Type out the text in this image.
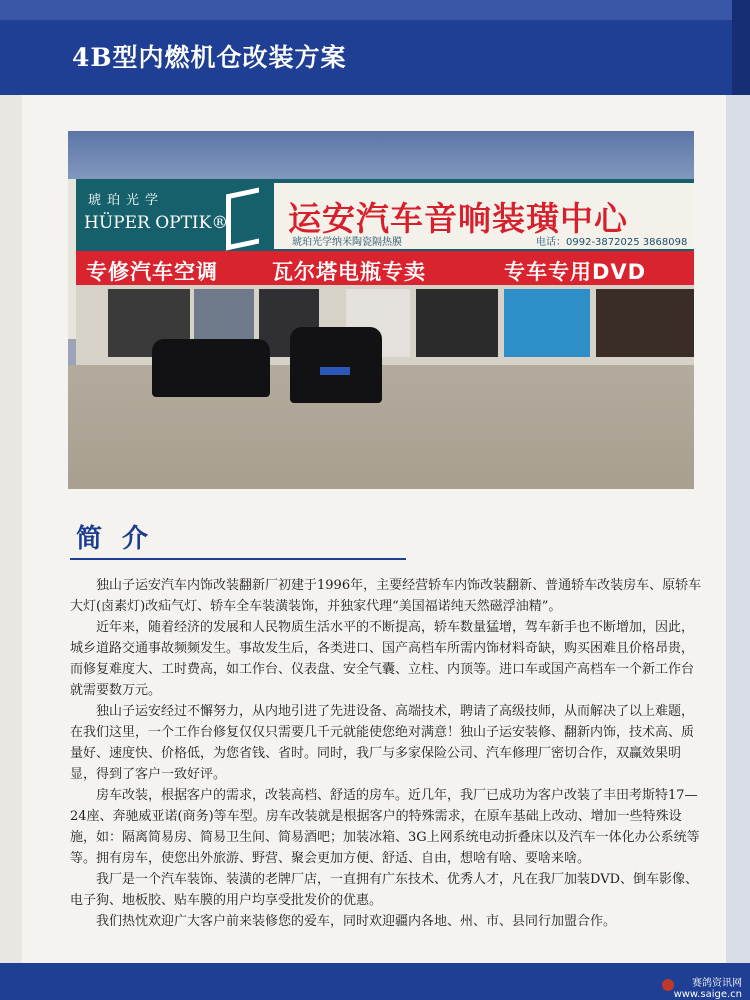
4B型内燃机仓改装方案
琥珀光学
HÜPER OPTIK® 运安汽车音响装璜中心
琥珀光学纳米陶瓷隔热膜	电话：0992-3872025 3868098
专修汽车空调	瓦尔塔电瓶专卖	专车专用DVD
简介

独山子运安汽车内饰改装翻新厂初建于1996年，主要经营轿车内饰改装翻新、普通轿车改装房车、原轿车大灯(卤素灯)改疝气灯、轿车全车装潢装饰，并独家代理“美国福诺纯天然磁浮油精”。

近年来，随着经济的发展和人民物质生活水平的不断提高，轿车数量猛增，驾车新手也不断增加，因此，城乡道路交通事故频频发生。事故发生后，各类进口、国产高档车所需内饰材料奇缺，购买困难且价格昂贵，而修复难度大、工时费高，如工作台、仪表盘、安全气囊、立柱、内顶等。进口车或国产高档车一个新工作台就需要数万元。

独山子运安经过不懈努力，从内地引进了先进设备、高端技术，聘请了高级技师，从而解决了以上难题，在我们这里，一个工作台修复仅仅只需要几千元就能使您绝对满意！独山子运安装修、翻新内饰，技术高、质量好、速度快、价格低，为您省钱、省时。同时，我厂与多家保险公司、汽车修理厂密切合作，双赢效果明显，得到了客户一致好评。

房车改装，根据客户的需求，改装高档、舒适的房车。近几年，我厂已成功为客户改装了丰田考斯特17—24座、奔驰威亚诺(商务)等车型。房车改装就是根据客户的特殊需求，在原车基础上改动、增加一些特殊设施，如：隔离简易房、简易卫生间、简易酒吧；加装冰箱、3G上网系统电动折叠床以及汽车一体化办公系统等等。拥有房车，使您出外旅游、野营、聚会更加方便、舒适、自由，想啥有啥、要啥来啥。

我厂是一个汽车装饰、装潢的老牌厂店，一直拥有广东技术、优秀人才，凡在我厂加装DVD、倒车影像、电子狗、地板胶、贴车膜的用户均享受批发价的优惠。

我们热忱欢迎广大客户前来装修您的爱车，同时欢迎疆内各地、州、市、县同行加盟合作。

赛鸽资讯网
www.saige.cn
